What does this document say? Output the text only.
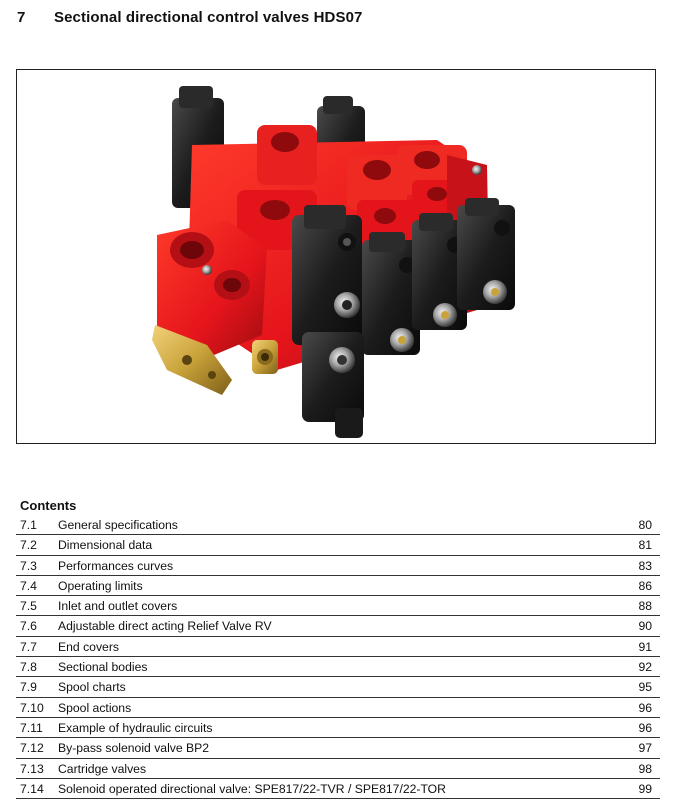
7 Sectional directional control valves HDS07
Contents
7.1 General specifications	80
7.2 Dimensional data	81
7.3 Performances curves	83
7.4 Operating limits	86
7.5 Inlet and outlet covers	88
7.6 Adjustable direct acting Relief Valve RV	90
7.7 End covers	91
7.8 Sectional bodies	92
7.9 Spool charts	95
7.10 Spool actions	96
7.11 Example of hydraulic circuits	96
7.12 By-pass solenoid valve BP2	97
7.13 Cartridge valves	98
7.14 Solenoid operated directional valve: SPE817/22-TVR / SPE817/22-TOR	99
